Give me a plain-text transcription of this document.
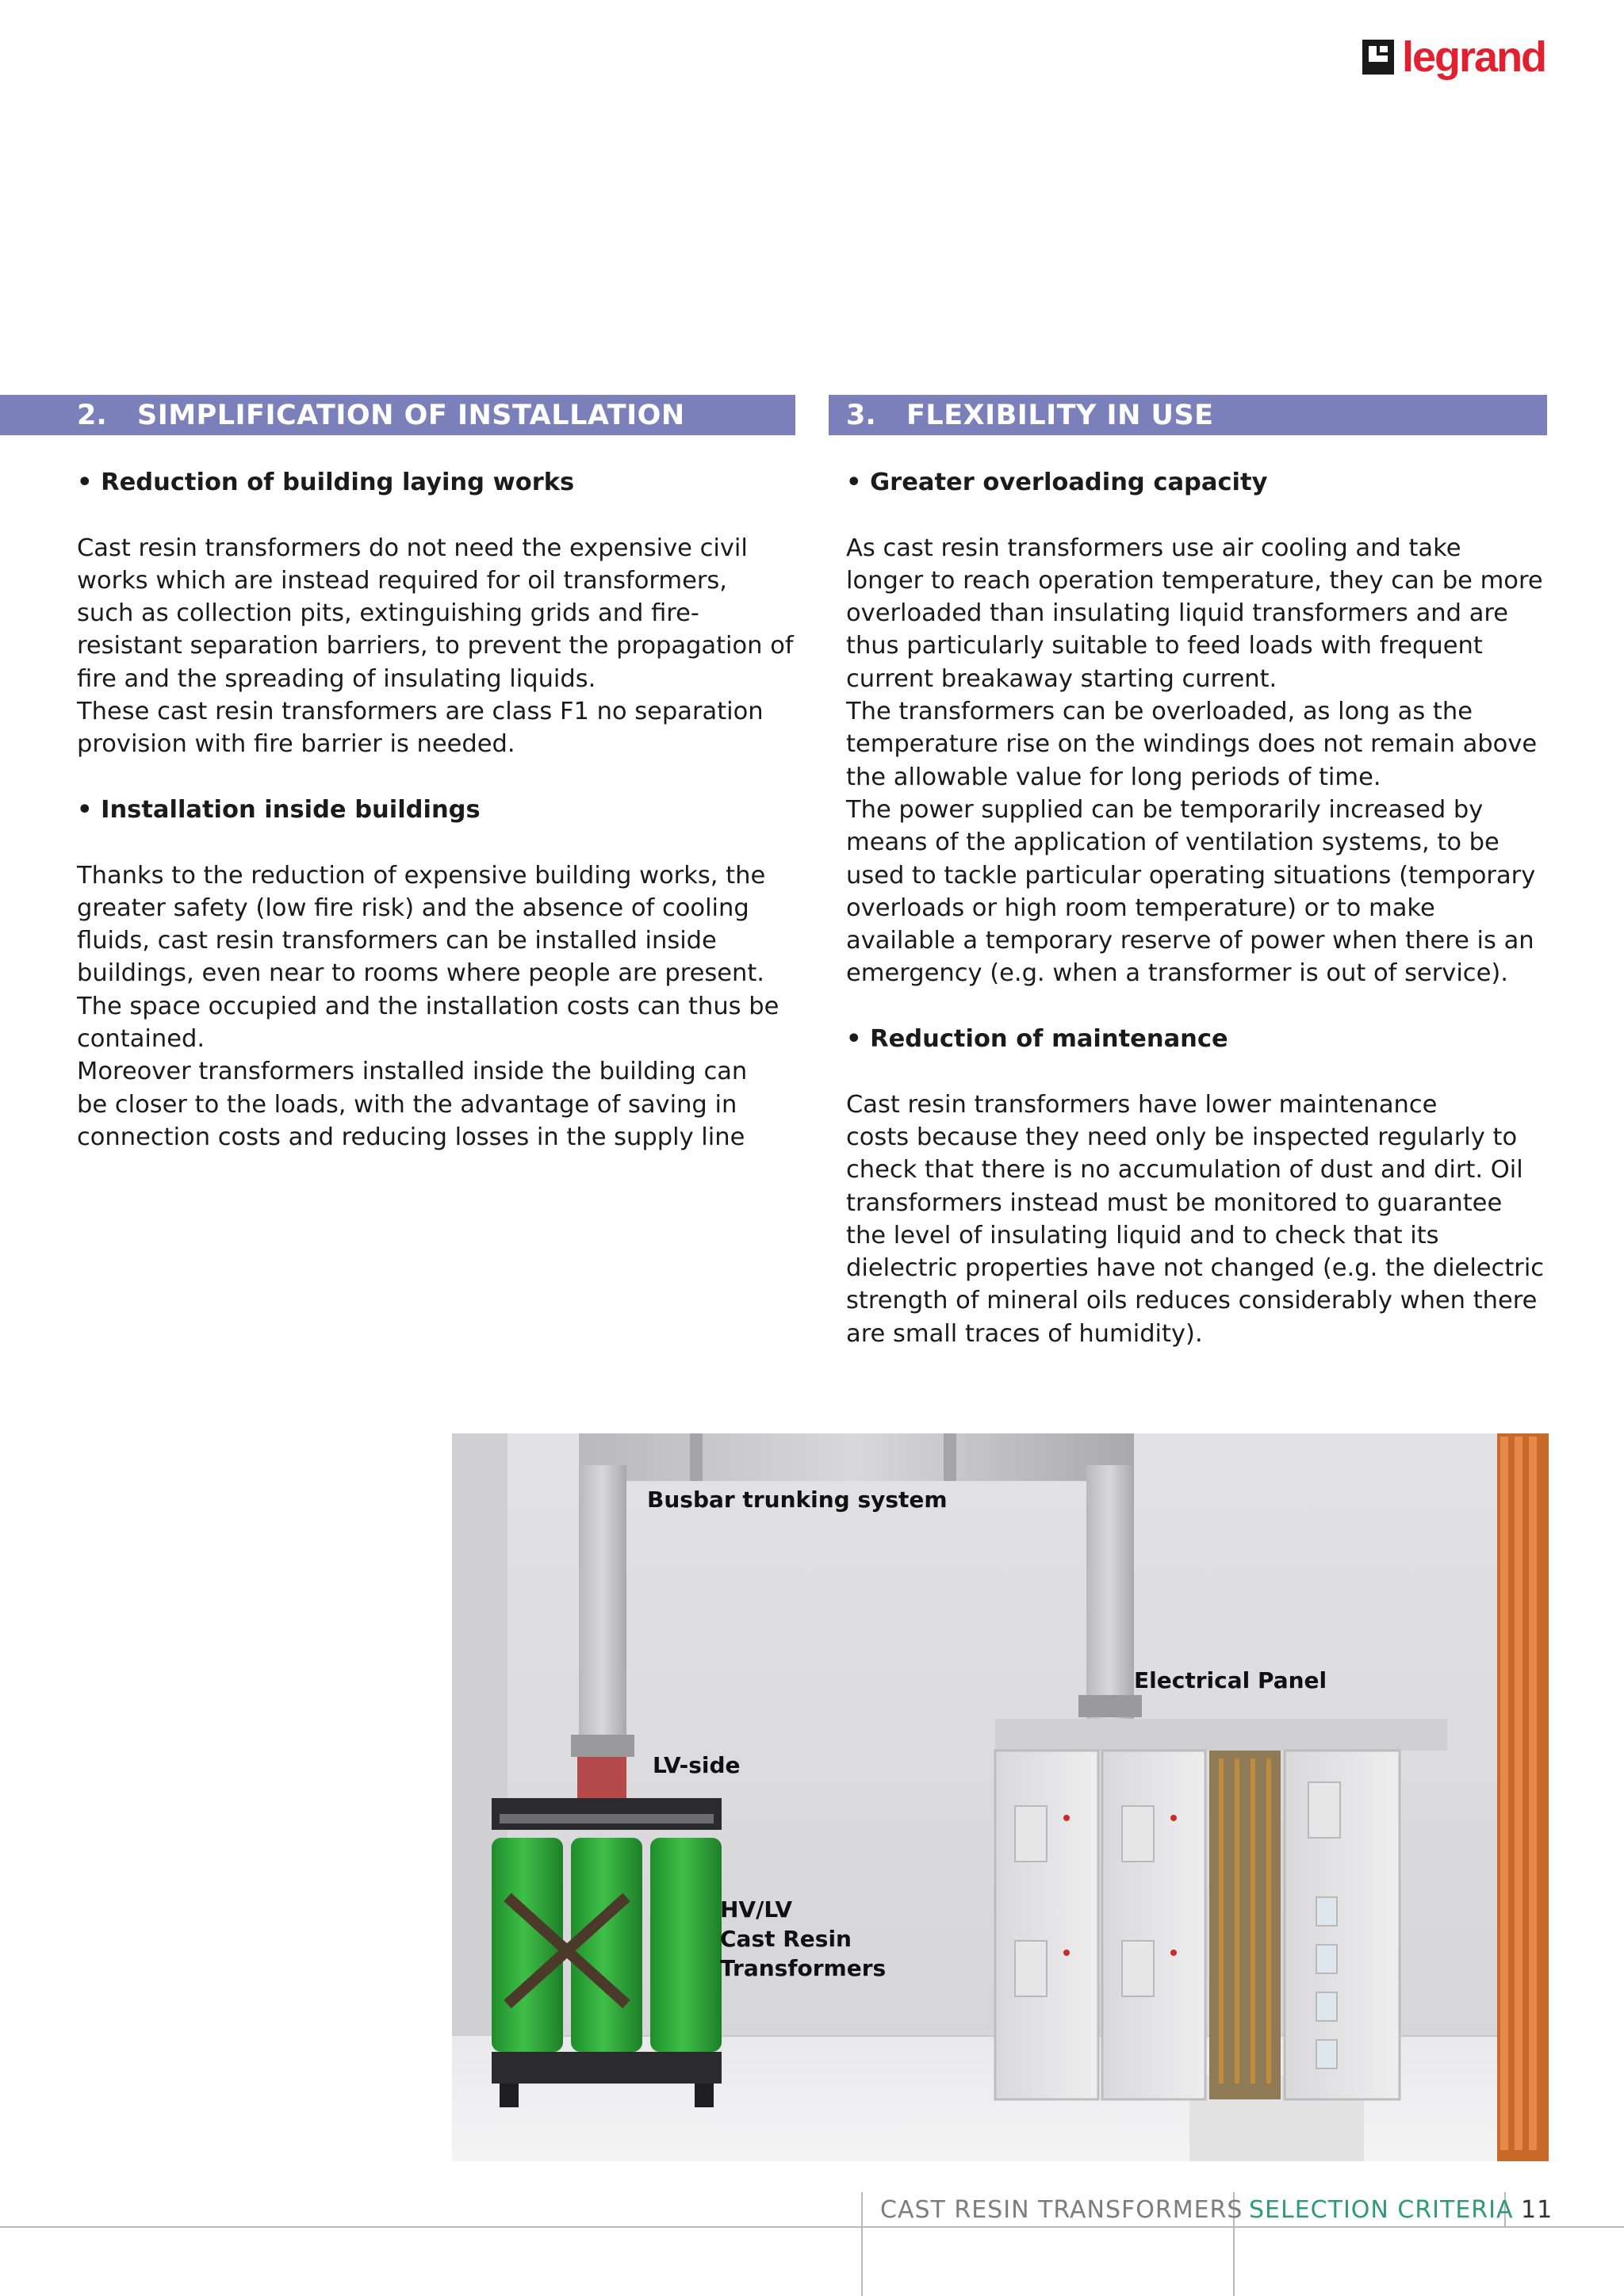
legrand
2.	SIMPLIFICATION OF INSTALLATION	3.	FLEXIBILITY IN USE

• Reduction of building laying works

Cast resin transformers do not need the expensive civil

works which are instead required for oil transformers,

such as collection pits, extinguishing grids and fire-

resistant separation barriers, to prevent the propagation of

fire and the spreading of insulating liquids.

These cast resin transformers are class F1 no separation

provision with fire barrier is needed.

• Installation inside buildings

Thanks to the reduction of expensive building works, the

greater safety (low fire risk) and the absence of cooling

fluids, cast resin transformers can be installed inside

buildings, even near to rooms where people are present.

The space occupied and the installation costs can thus be

contained.

Moreover transformers installed inside the building can

be closer to the loads, with the advantage of saving in

connection costs and reducing losses in the supply line

• Greater overloading capacity

As cast resin transformers use air cooling and take

longer to reach operation temperature, they can be more

overloaded than insulating liquid transformers and are

thus particularly suitable to feed loads with frequent

current breakaway starting current.

The transformers can be overloaded, as long as the

temperature rise on the windings does not remain above

the allowable value for long periods of time.

The power supplied can be temporarily increased by

means of the application of ventilation systems, to be

used to tackle particular operating situations (temporary

overloads or high room temperature) or to make

available a temporary reserve of power when there is an

emergency (e.g. when a transformer is out of service).

• Reduction of maintenance

Cast resin transformers have lower maintenance

costs because they need only be inspected regularly to

check that there is no accumulation of dust and dirt. Oil

transformers instead must be monitored to guarantee

the level of insulating liquid and to check that its

dielectric properties have not changed (e.g. the dielectric

strength of mineral oils reduces considerably when there

are small traces of humidity).

Busbar trunking system
Electrical Panel
LV-side
HV/LV
Cast Resin
Transformers
CAST RESIN TRANSFORMERS SELECTION CRITERIA 11
